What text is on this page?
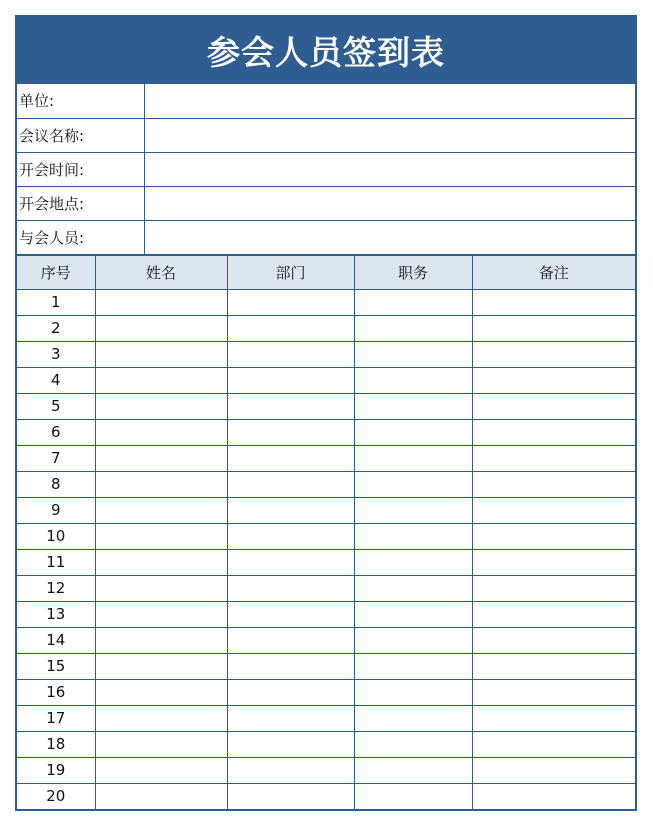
参会人员签到表
单位:	
会议名称:	
开会时间:	
开会地点:	
与会人员:	
序号	姓名	部门	职务	备注
1				
2				
3				
4				
5				
6				
7				
8				
9				
10				
11				
12				
13				
14				
15				
16				
17				
18				
19				
20				
